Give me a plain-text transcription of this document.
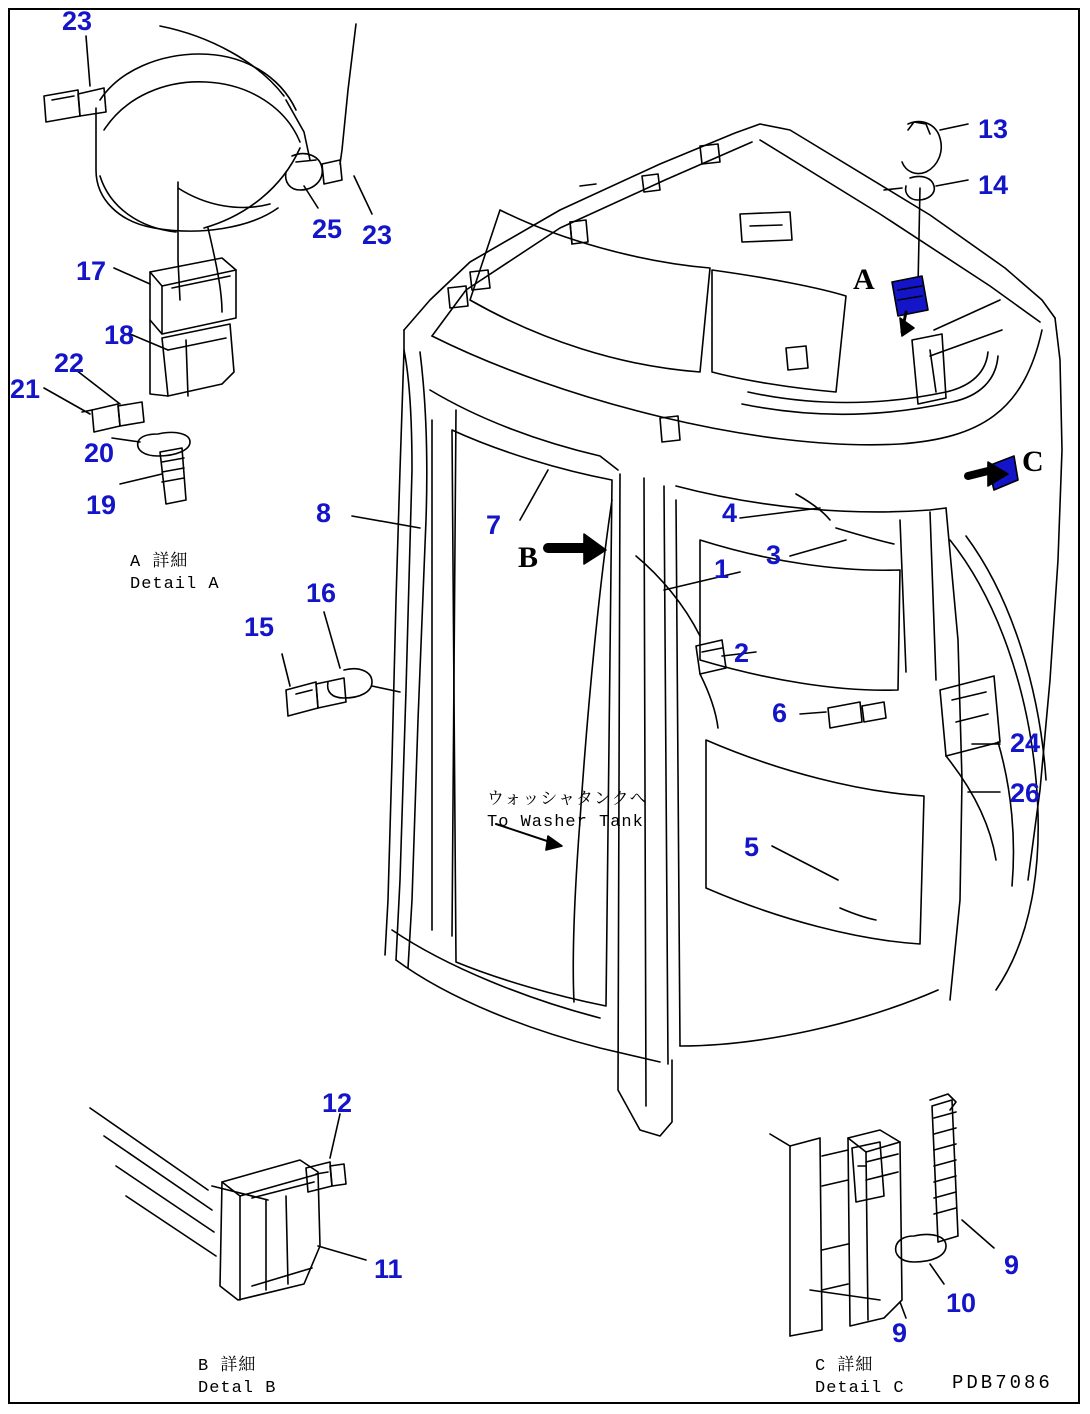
A
B
C
23
25 23
13
14
17
18
22
21
20
19	8	7	4
3
1
2
16
15
6
24
26
5
12
11	9
10
9
ウォッシャタンクへ
To Washer Tank
A 詳細
Detail A
B 詳細
Detal B
C 詳細
Detail C PDB7086
